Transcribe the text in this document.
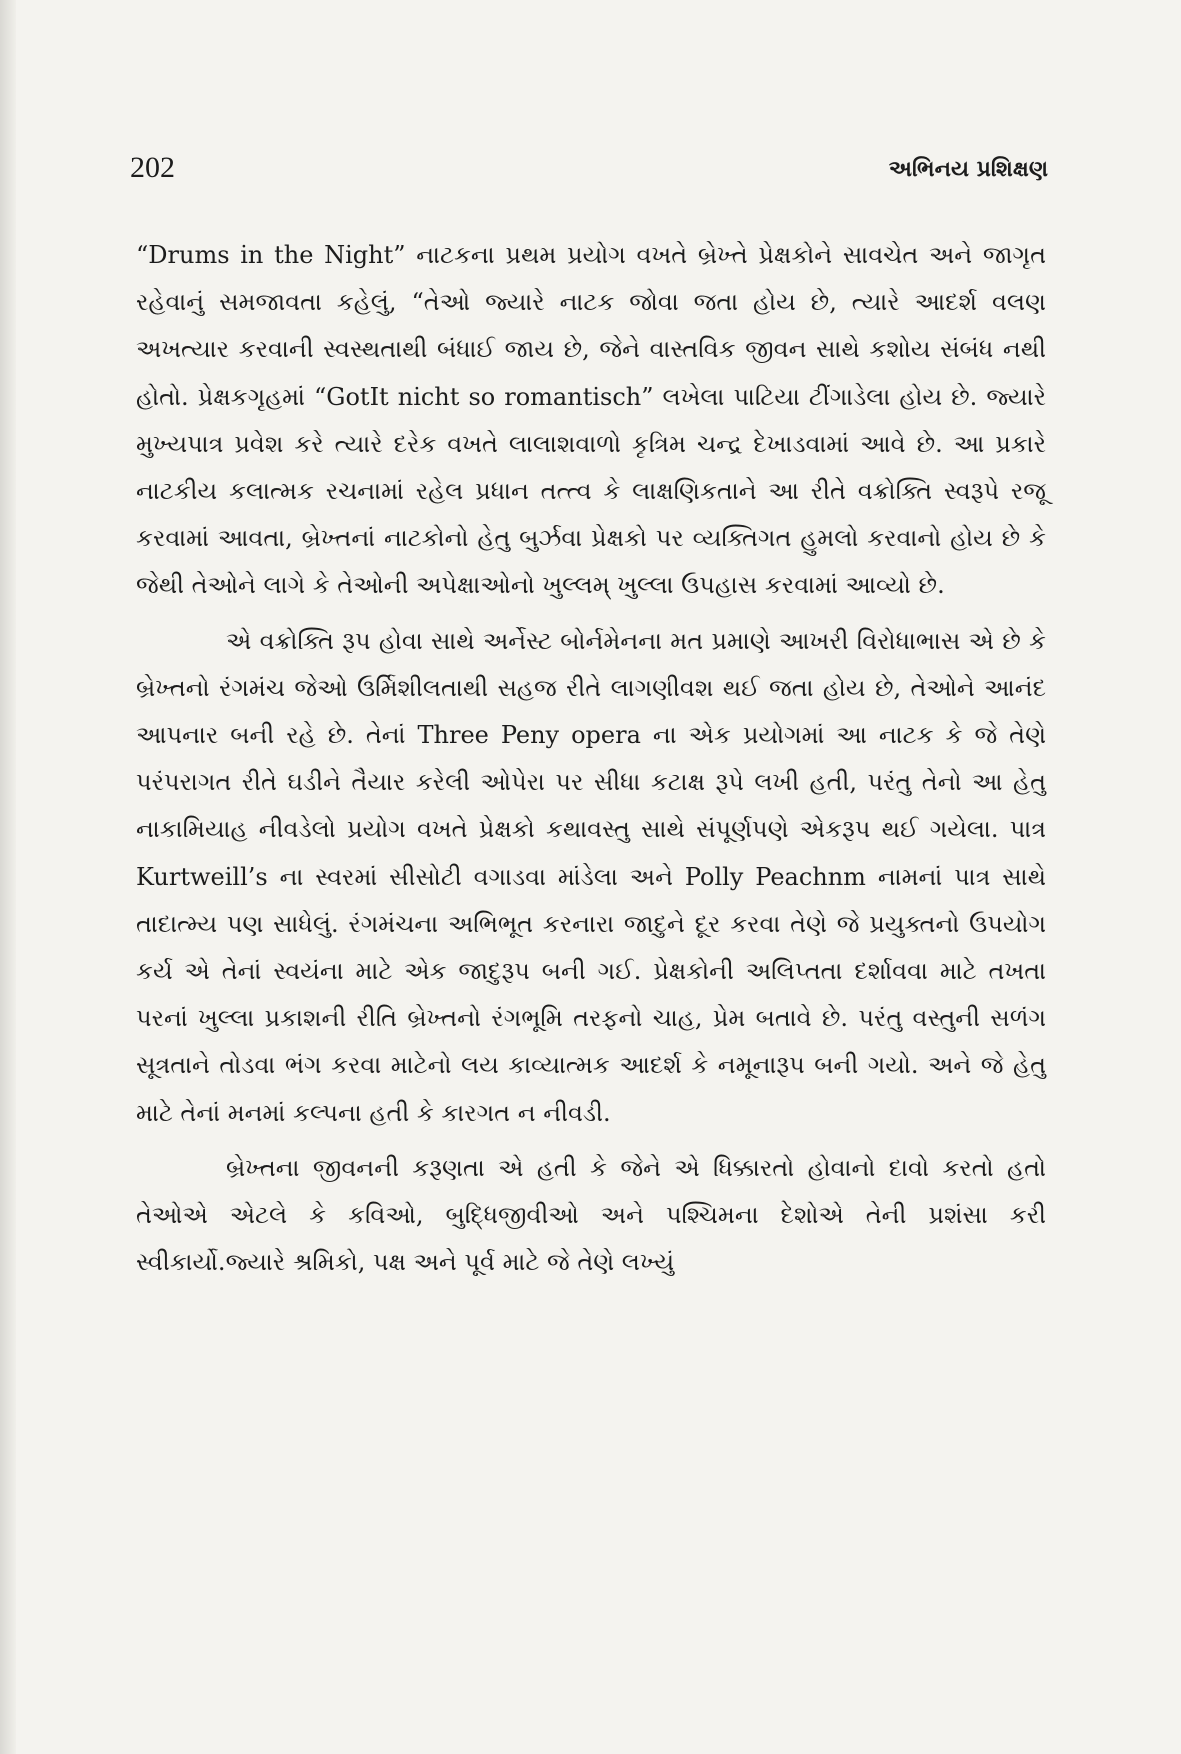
202	અભિનય પ્રશિક્ષણ

“Drums in the Night” નાટકના પ્રથમ પ્રયોગ વખતે બ્રેખ્તે પ્રેક્ષકોને સાવચેત અને જાગૃત રહેવાનું સમજાવતા કહેલું, “તેઓ જ્યારે નાટક જોવા જતા હોય છે, ત્યારે આદર્શ વલણ અખત્યાર કરવાની સ્વસ્થતાથી બંધાઈ જાય છે, જેને વાસ્તવિક જીવન સાથે કશોય સંબંધ નથી હોતો. પ્રેક્ષકગૃહમાં “GotIt nicht so romantisch” લખેલા પાટિયા ટીંગાડેલા હોય છે. જ્યારે મુખ્યપાત્ર પ્રવેશ કરે ત્યારે દરેક વખતે લાલાશવાળો કૃત્રિમ ચન્દ્ર દેખાડવામાં આવે છે. આ પ્રકારે નાટકીય કલાત્મક રચનામાં રહેલ પ્રધાન તત્ત્વ કે લાક્ષણિકતાને આ રીતે વક્રોક્તિ સ્વરૂપે રજૂ કરવામાં આવતા, બ્રેખ્તનાં નાટકોનો હેતુ બુર્ઝવા પ્રેક્ષકો પર વ્યક્તિગત હુમલો કરવાનો હોય છે કે જેથી તેઓને લાગે કે તેઓની અપેક્ષાઓનો ખુલ્લમ્ ખુલ્લા ઉપહાસ કરવામાં આવ્યો છે.

એ વક્રોક્તિ રૂપ હોવા સાથે અર્નેસ્ટ બોર્નમેનના મત પ્રમાણે આખરી વિરોધાભાસ એ છે કે બ્રેખ્તનો રંગમંચ જેઓ ઉર્મિશીલતાથી સહજ રીતે લાગણીવશ થઈ જતા હોય છે, તેઓને આનંદ આપનાર બની રહે છે. તેનાં Three Peny opera ના એક પ્રયોગમાં આ નાટક કે જે તેણે પરંપરાગત રીતે ઘડીને તૈયાર કરેલી ઓપેરા પર સીધા કટાક્ષ રૂપે લખી હતી, પરંતુ તેનો આ હેતુ નાકામિયાહ નીવડેલો પ્રયોગ વખતે પ્રેક્ષકો કથાવસ્તુ સાથે સંપૂર્ણપણે એકરૂપ થઈ ગયેલા. પાત્ર Kurtweill’s ના સ્વરમાં સીસોટી વગાડવા માંડેલા અને Polly Peachnm નામનાં પાત્ર સાથે તાદાત્મ્ય પણ સાધેલું. રંગમંચના અભિભૂત કરનારા જાદુને દૂર કરવા તેણે જે પ્રયુક્તનો ઉપયોગ કર્ય એ તેનાં સ્વયંના માટે એક જાદુરૂપ બની ગઈ. પ્રેક્ષકોની અલિપ્તતા દર્શાવવા માટે તખતા પરનાં ખુલ્લા પ્રકાશની રીતિ બ્રેખ્તનો રંગભૂમિ તરફનો ચાહ, પ્રેમ બતાવે છે. પરંતુ વસ્તુની સળંગ સૂત્રતાને તોડવા ભંગ કરવા માટેનો લય કાવ્યાત્મક આદર્શ કે નમૂનારૂપ બની ગયો. અને જે હેતુ માટે તેનાં મનમાં કલ્પના હતી કે કારગત ન નીવડી.

બ્રેખ્તના જીવનની કરૂણતા એ હતી કે જેને એ ધિક્કારતો હોવાનો દાવો કરતો હતો તેઓએ એટલે કે કવિઓ, બુદ્ધિજીવીઓ અને પશ્ચિમના દેશોએ તેની પ્રશંસા કરી સ્વીકાર્યો.જ્યારે શ્રમિકો, પક્ષ અને પૂર્વ માટે જે તેણે લખ્યું
